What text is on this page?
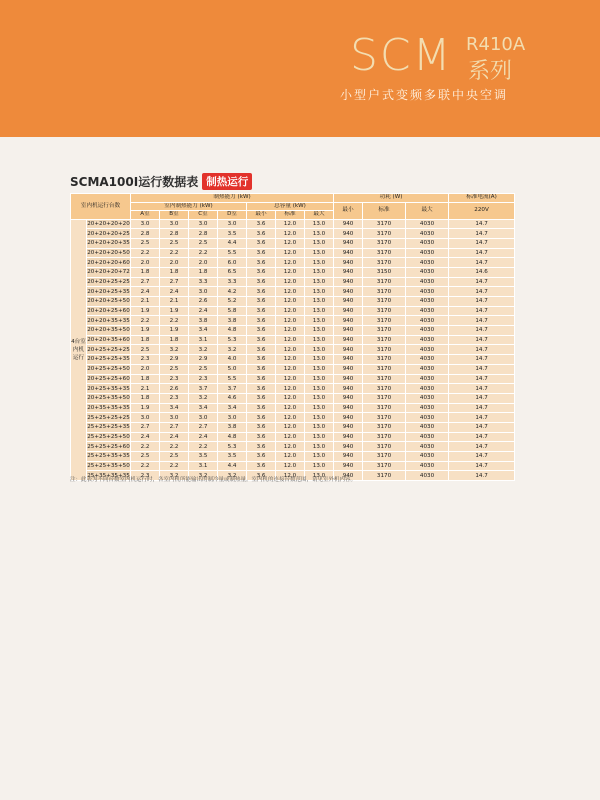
SCM R410A
系列
小型户式变频多联中央空调
SCMA100I运行数据表 制热运行
室内机运行台数		制热能力 (kW)							功耗 (W)			标准电流(A)
		室内制热能力 (kW)				总容量 (kW)			最小	标准	最大	220V
		A室	B室	C室	D室	最小	标准	最大				
4台室内机运行	20+20+20+20	3.0	3.0	3.0	3.0	3.6	12.0	13.0	940	3170	4030	14.7
	20+20+20+25	2.8	2.8	2.8	3.5	3.6	12.0	13.0	940	3170	4030	14.7
	20+20+20+35	2.5	2.5	2.5	4.4	3.6	12.0	13.0	940	3170	4030	14.7
	20+20+20+50	2.2	2.2	2.2	5.5	3.6	12.0	13.0	940	3170	4030	14.7
	20+20+20+60	2.0	2.0	2.0	6.0	3.6	12.0	13.0	940	3170	4030	14.7
	20+20+20+72	1.8	1.8	1.8	6.5	3.6	12.0	13.0	940	3150	4030	14.6
	20+20+25+25	2.7	2.7	3.3	3.3	3.6	12.0	13.0	940	3170	4030	14.7
	20+20+25+35	2.4	2.4	3.0	4.2	3.6	12.0	13.0	940	3170	4030	14.7
	20+20+25+50	2.1	2.1	2.6	5.2	3.6	12.0	13.0	940	3170	4030	14.7
	20+20+25+60	1.9	1.9	2.4	5.8	3.6	12.0	13.0	940	3170	4030	14.7
	20+20+35+35	2.2	2.2	3.8	3.8	3.6	12.0	13.0	940	3170	4030	14.7
	20+20+35+50	1.9	1.9	3.4	4.8	3.6	12.0	13.0	940	3170	4030	14.7
	20+20+35+60	1.8	1.8	3.1	5.3	3.6	12.0	13.0	940	3170	4030	14.7
	20+25+25+25	2.5	3.2	3.2	3.2	3.6	12.0	13.0	940	3170	4030	14.7
	20+25+25+35	2.3	2.9	2.9	4.0	3.6	12.0	13.0	940	3170	4030	14.7
	20+25+25+50	2.0	2.5	2.5	5.0	3.6	12.0	13.0	940	3170	4030	14.7
	20+25+25+60	1.8	2.3	2.3	5.5	3.6	12.0	13.0	940	3170	4030	14.7
	20+25+35+35	2.1	2.6	3.7	3.7	3.6	12.0	13.0	940	3170	4030	14.7
	20+25+35+50	1.8	2.3	3.2	4.6	3.6	12.0	13.0	940	3170	4030	14.7
	20+35+35+35	1.9	3.4	3.4	3.4	3.6	12.0	13.0	940	3170	4030	14.7
	25+25+25+25	3.0	3.0	3.0	3.0	3.6	12.0	13.0	940	3170	4030	14.7
	25+25+25+35	2.7	2.7	2.7	3.8	3.6	12.0	13.0	940	3170	4030	14.7
	25+25+25+50	2.4	2.4	2.4	4.8	3.6	12.0	13.0	940	3170	4030	14.7
	25+25+25+60	2.2	2.2	2.2	5.3	3.6	12.0	13.0	940	3170	4030	14.7
	25+25+35+35	2.5	2.5	3.5	3.5	3.6	12.0	13.0	940	3170	4030	14.7
	25+25+35+50	2.2	2.2	3.1	4.4	3.6	12.0	13.0	940	3170	4030	14.7
	25+35+35+35	2.3	3.2	3.2	3.2	3.6	12.0	13.0	940	3170	4030	14.7
注：此表为不同台数室内机运行时，各室内机所能输出的制冷量或制热量。室内机的连接台数范围，请见室外机内容。
